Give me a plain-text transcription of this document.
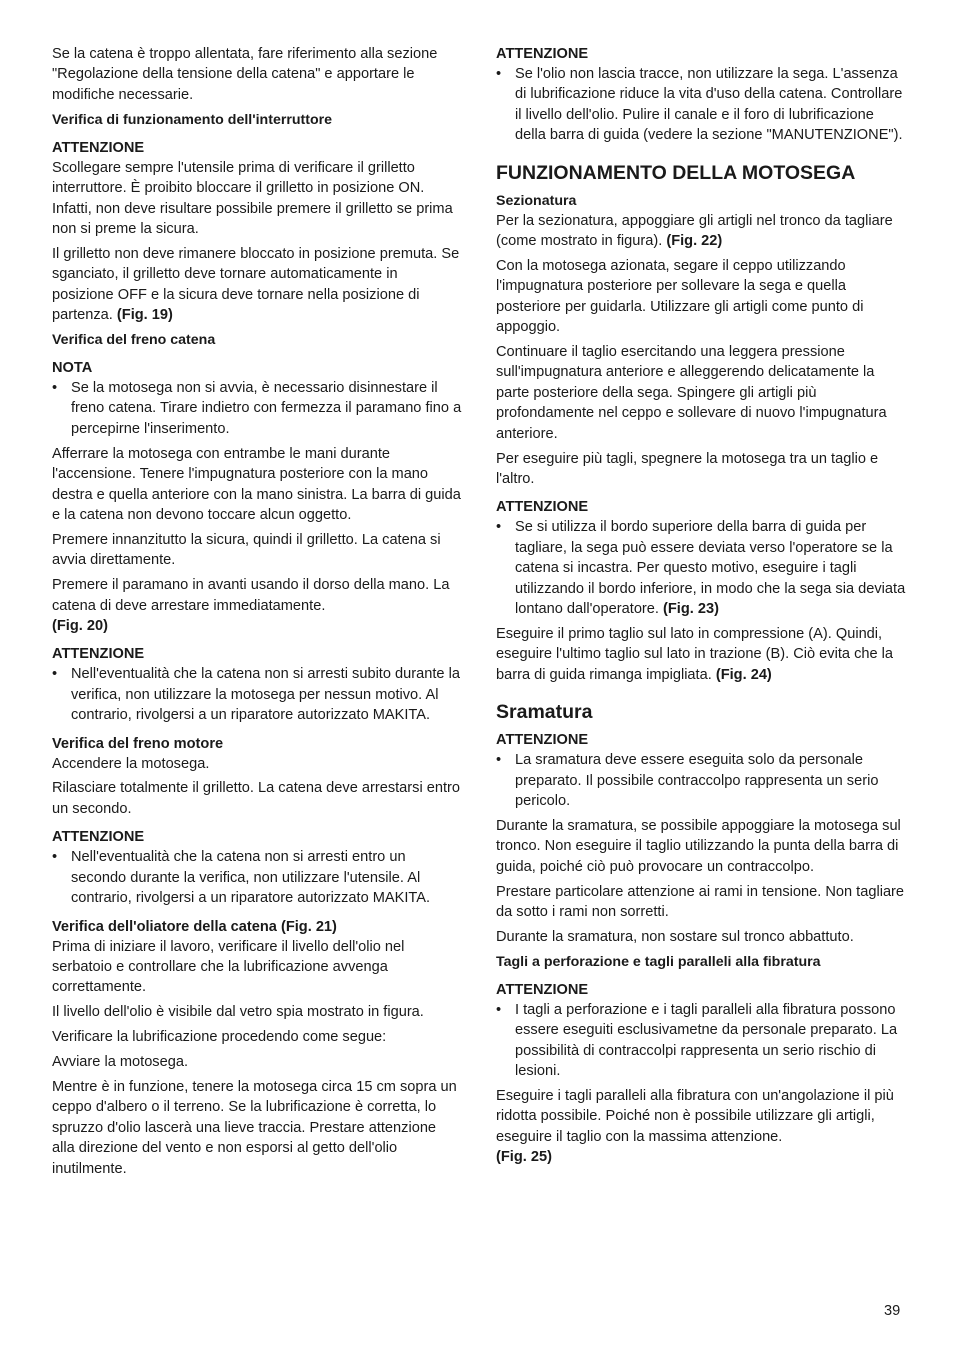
Se la catena è troppo allentata, fare riferimento alla sezione "Regolazione della tensione della catena" e apportare le modifiche necessarie.

Verifica di funzionamento dell'interruttore
ATTENZIONE

Scollegare sempre l'utensile prima di verificare il grilletto interruttore. È proibito bloccare il grilletto in posizione ON. Infatti, non deve risultare possibile premere il grilletto se prima non si preme la sicura.

Il grilletto non deve rimanere bloccato in posizione premuta. Se sganciato, il grilletto deve tornare automaticamente in posizione OFF e la sicura deve tornare nella posizione di partenza. (Fig. 19)

Verifica del freno catena
NOTA
• Se la motosega non si avvia, è necessario disinnestare il freno catena. Tirare indietro con fermezza il paramano fino a percepirne l'inserimento.

Afferrare la motosega con entrambe le mani durante l'accensione. Tenere l'impugnatura posteriore con la mano destra e quella anteriore con la mano sinistra. La barra di guida e la catena non devono toccare alcun oggetto.

Premere innanzitutto la sicura, quindi il grilletto. La catena si avvia direttamente.

Premere il paramano in avanti usando il dorso della mano. La catena di deve arrestare immediatamente.
(Fig. 20)

ATTENZIONE
• Nell'eventualità che la catena non si arresti subito durante la verifica, non utilizzare la motosega per nessun motivo. Al contrario, rivolgersi a un riparatore autorizzato MAKITA.
Verifica del freno motore

Accendere la motosega.

Rilasciare totalmente il grilletto. La catena deve arrestarsi entro un secondo.

ATTENZIONE
• Nell'eventualità che la catena non si arresti entro un secondo durante la verifica, non utilizzare l'utensile. Al contrario, rivolgersi a un riparatore autorizzato MAKITA.
Verifica dell'oliatore della catena (Fig. 21)

Prima di iniziare il lavoro, verificare il livello dell'olio nel serbatoio e controllare che la lubrificazione avvenga correttamente.

Il livello dell'olio è visibile dal vetro spia mostrato in figura.

Verificare la lubrificazione procedendo come segue:

Avviare la motosega.

Mentre è in funzione, tenere la motosega circa 15 cm sopra un ceppo d'albero o il terreno. Se la lubrificazione è corretta, lo spruzzo d'olio lascerà una lieve traccia. Prestare attenzione alla direzione del vento e non esporsi al getto dell'olio inutilmente.

ATTENZIONE
• Se l'olio non lascia tracce, non utilizzare la sega. L'assenza di lubrificazione riduce la vita d'uso della catena. Controllare il livello dell'olio. Pulire il canale e il foro di lubrificazione della barra di guida (vedere la sezione "MANUTENZIONE").
FUNZIONAMENTO DELLA MOTOSEGA
Sezionatura

Per la sezionatura, appoggiare gli artigli nel tronco da tagliare (come mostrato in figura). (Fig. 22)

Con la motosega azionata, segare il ceppo utilizzando l'impugnatura posteriore per sollevare la sega e quella posteriore per guidarla. Utilizzare gli artigli come punto di appoggio.

Continuare il taglio esercitando una leggera pressione sull'impugnatura anteriore e alleggerendo delicatamente la parte posteriore della sega. Spingere gli artigli più profondamente nel ceppo e sollevare di nuovo l'impugnatura anteriore.

Per eseguire più tagli, spegnere la motosega tra un taglio e l'altro.

ATTENZIONE
• Se si utilizza il bordo superiore della barra di guida per tagliare, la sega può essere deviata verso l'operatore se la catena si incastra. Per questo motivo, eseguire i tagli utilizzando il bordo inferiore, in modo che la sega sia deviata lontano dall'operatore. (Fig. 23)

Eseguire il primo taglio sul lato in compressione (A). Quindi, eseguire l'ultimo taglio sul lato in trazione (B). Ciò evita che la barra di guida rimanga impigliata. (Fig. 24)

Sramatura
ATTENZIONE
• La sramatura deve essere eseguita solo da personale preparato. Il possibile contraccolpo rappresenta un serio pericolo.

Durante la sramatura, se possibile appoggiare la motosega sul tronco. Non eseguire il taglio utilizzando la punta della barra di guida, poiché ciò può provocare un contraccolpo.

Prestare particolare attenzione ai rami in tensione. Non tagliare da sotto i rami non sorretti.

Durante la sramatura, non sostare sul tronco abbattuto.

Tagli a perforazione e tagli paralleli alla fibratura
ATTENZIONE
• I tagli a perforazione e i tagli paralleli alla fibratura possono essere eseguiti esclusivametne da personale preparato. La possibilità di contraccolpi rappresenta un serio rischio di lesioni.

Eseguire i tagli paralleli alla fibratura con un'angolazione il più ridotta possibile. Poiché non è possibile utilizzare gli artigli, eseguire il taglio con la massima attenzione.
(Fig. 25)

39
